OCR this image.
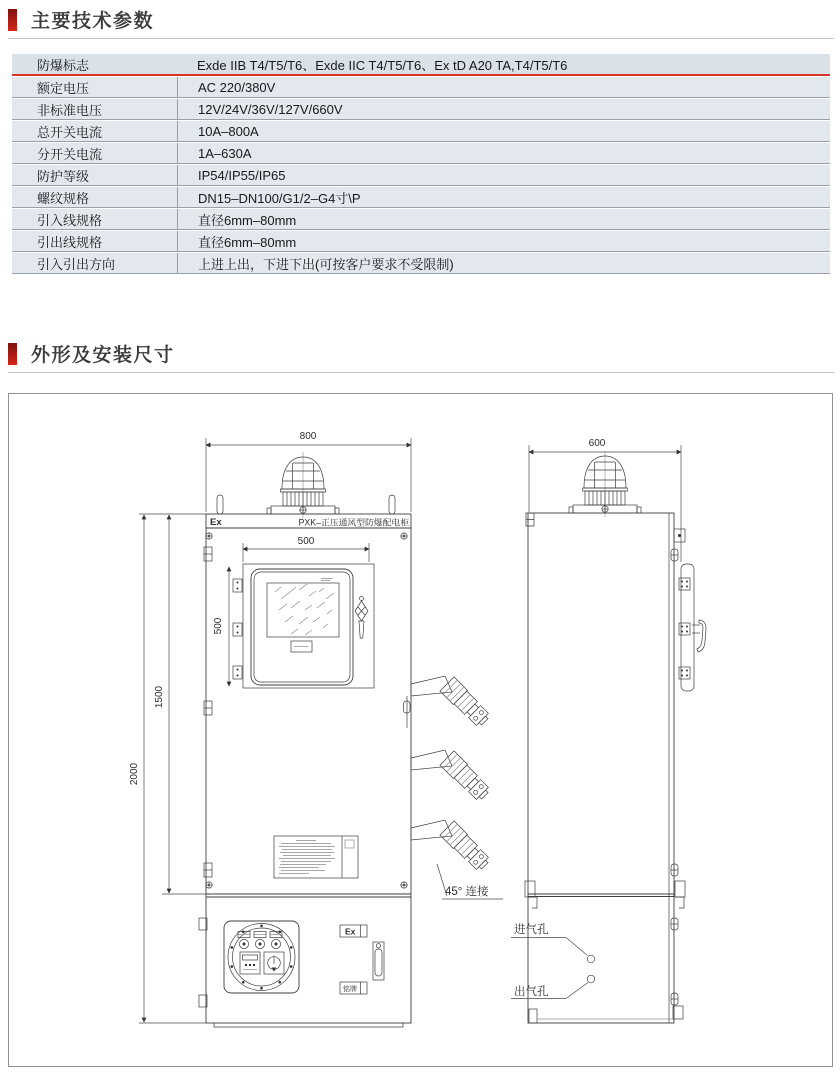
主要技术参数
防爆标志	Exde IIB T4/T5/T6、Exde IIC T4/T5/T6、Ex tD A20 TA,T4/T5/T6
额定电压	AC 220/380V
非标准电压	12V/24V/36V/127V/660V
总开关电流	10A–800A
分开关电流	1A–630A
防护等级	IP54/IP55/IP65
螺纹规格	DN15–DN100/G1/2–G4寸\P
引入线规格	直径6mm–80mm
引出线规格	直径6mm–80mm
引入引出方向	上进上出，下进下出(可按客户要求不受限制)
外形及安装尺寸
800
Ex	PXK–正压通风型防爆配电柜
500
500
45° 连接
Ex
铭牌
1500
2000
600
进气孔
出气孔
